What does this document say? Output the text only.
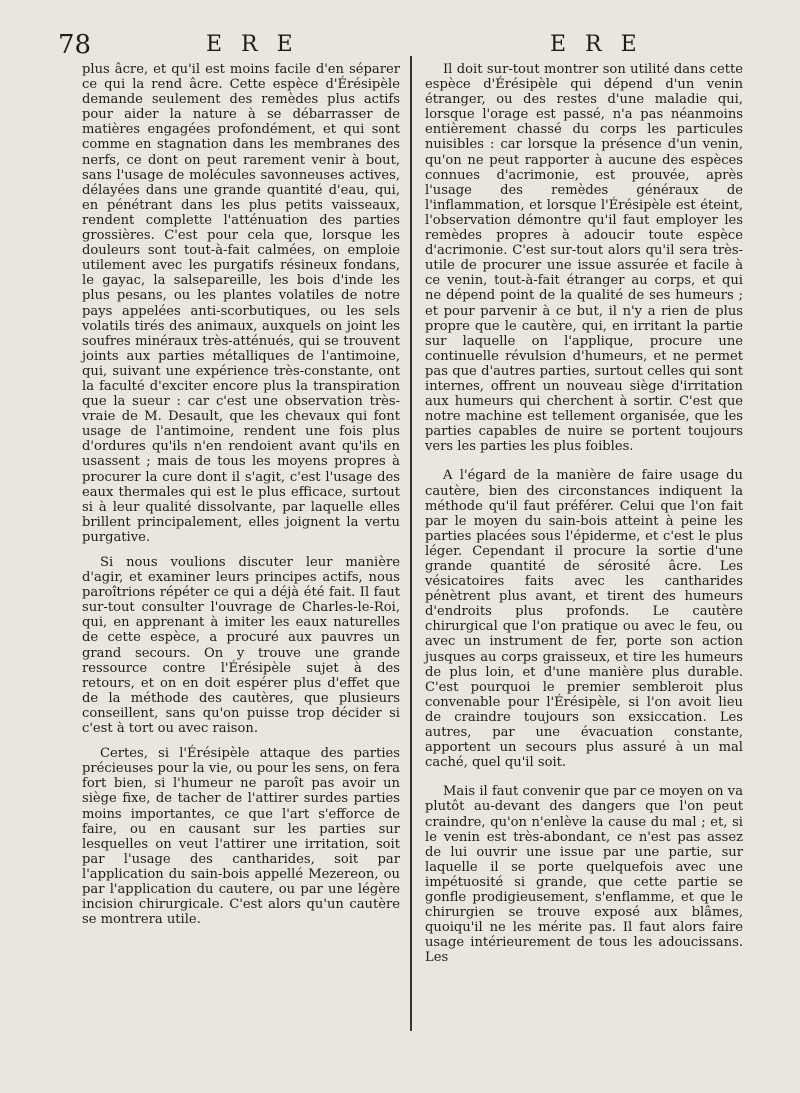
78	E R E	E R E

plus âcre, et qu'il est moins facile d'en séparer ce qui la rend âcre. Cette espèce d'Érésipèle demande seulement des remèdes plus actifs pour aider la nature à se débarrasser de matières engagées profondément, et qui sont comme en stagnation dans les membranes des nerfs, ce dont on peut rarement venir à bout, sans l'usage de molécules savonneuses actives, délayées dans une grande quantité d'eau, qui, en pénétrant dans les plus petits vaisseaux, rendent complette l'atténuation des parties grossières. C'est pour cela que, lorsque les douleurs sont tout-à-fait calmées, on emploie utilement avec les purgatifs résineux fondans, le gayac, la salsepareille, les bois d'inde les plus pesans, ou les plantes volatiles de notre pays appelées anti-scorbutiques, ou les sels volatils tirés des animaux, auxquels on joint les soufres minéraux très-atténués, qui se trouvent joints aux parties métalliques de l'antimoine, qui, suivant une expérience très-constante, ont la faculté d'exciter encore plus la transpiration que la sueur : car c'est une observation très-vraie de M. Desault, que les chevaux qui font usage de l'antimoine, rendent une fois plus d'ordures qu'ils n'en rendoient avant qu'ils en usassent ; mais de tous les moyens propres à procurer la cure dont il s'agit, c'est l'usage des eaux thermales qui est le plus efficace, surtout si à leur qualité dissolvante, par laquelle elles brillent principalement, elles joignent la vertu purgative.

Si nous voulions discuter leur manière d'agir, et examiner leurs principes actifs, nous paroîtrions répéter ce qui a déjà été fait. Il faut sur-tout consulter l'ouvrage de Charles-le-Roi, qui, en apprenant à imiter les eaux naturelles de cette espèce, a procuré aux pauvres un grand secours. On y trouve une grande ressource contre l'Érésipèle sujet à des retours, et on en doit espérer plus d'effet que de la méthode des cautères, que plusieurs conseillent, sans qu'on puisse trop décider si c'est à tort ou avec raison.

Certes, si l'Érésipèle attaque des parties précieuses pour la vie, ou pour les sens, on fera fort bien, si l'humeur ne paroît pas avoir un siège fixe, de tacher de l'attirer surdes parties moins importantes, ce que l'art s'efforce de faire, ou en causant sur les parties sur lesquelles on veut l'attirer une irritation, soit par l'usage des cantharides, soit par l'application du sain-bois appellé Mezereon, ou par l'application du cautere, ou par une légère incision chirurgicale. C'est alors qu'un cautère se montrera utile.

Il doit sur-tout montrer son utilité dans cette espèce d'Érésipèle qui dépend d'un venin étranger, ou des restes d'une maladie qui, lorsque l'orage est passé, n'a pas néanmoins entièrement chassé du corps les particules nuisibles : car lorsque la présence d'un venin, qu'on ne peut rapporter à aucune des espèces connues d'acrimonie, est prouvée, après l'usage des remèdes généraux de l'inflammation, et lorsque l'Érésipèle est éteint, l'observation démontre qu'il faut employer les remèdes propres à adoucir toute espèce d'acrimonie. C'est sur-tout alors qu'il sera très-utile de procurer une issue assurée et facile à ce venin, tout-à-fait étranger au corps, et qui ne dépend point de la qualité de ses humeurs ; et pour parvenir à ce but, il n'y a rien de plus propre que le cautère, qui, en irritant la partie sur laquelle on l'applique, procure une continuelle révulsion d'humeurs, et ne permet pas que d'autres parties, surtout celles qui sont internes, offrent un nouveau siège d'irritation aux humeurs qui cherchent à sortir. C'est que notre machine est tellement organisée, que les parties capables de nuire se portent toujours vers les parties les plus foibles.

A l'égard de la manière de faire usage du cautère, bien des circonstances indiquent la méthode qu'il faut préférer. Celui que l'on fait par le moyen du sain-bois atteint à peine les parties placées sous l'épiderme, et c'est le plus léger. Cependant il procure la sortie d'une grande quantité de sérosité âcre. Les vésicatoires faits avec les cantharides pénètrent plus avant, et tirent des humeurs d'endroits plus profonds. Le cautère chirurgical que l'on pratique ou avec le feu, ou avec un instrument de fer, porte son action jusques au corps graisseux, et tire les humeurs de plus loin, et d'une manière plus durable. C'est pourquoi le premier sembleroit plus convenable pour l'Érésipèle, si l'on avoit lieu de craindre toujours son exsiccation. Les autres, par une évacuation constante, apportent un secours plus assuré à un mal caché, quel qu'il soit.

Mais il faut convenir que par ce moyen on va plutôt au-devant des dangers que l'on peut craindre, qu'on n'enlève la cause du mal ; et, si le venin est très-abondant, ce n'est pas assez de lui ouvrir une issue par une partie, sur laquelle il se porte quelquefois avec une impétuosité si grande, que cette partie se gonfle prodigieusement, s'enflamme, et que le chirurgien se trouve exposé aux blâmes, quoiqu'il ne les mérite pas. Il faut alors faire usage intérieurement de tous les adoucissans. Les
